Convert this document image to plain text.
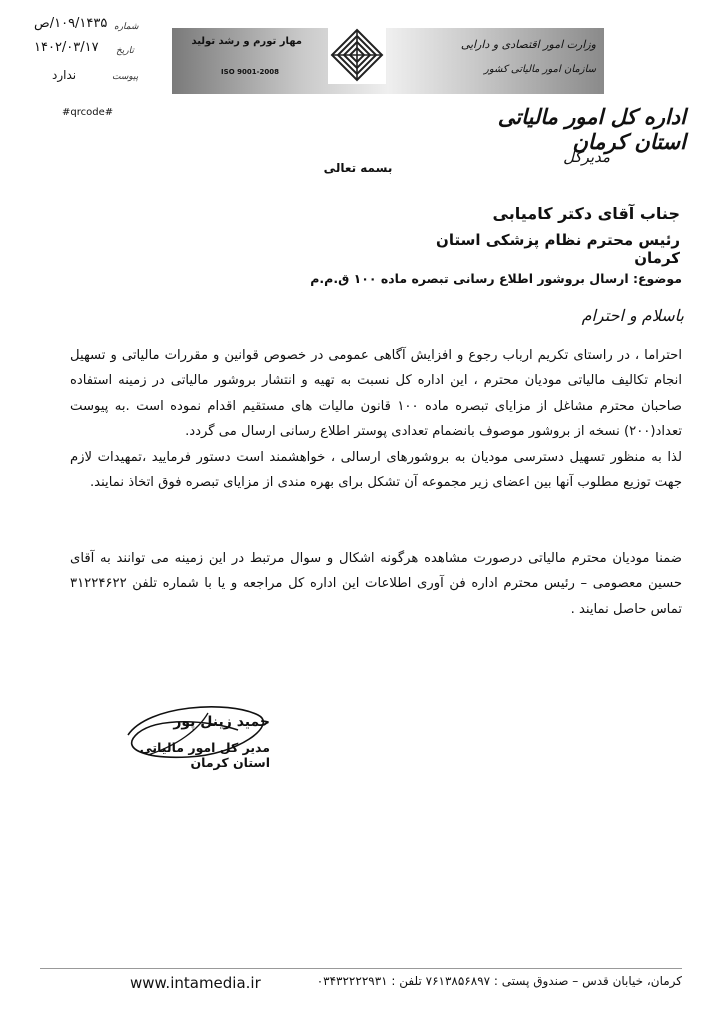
مهار تورم و رشد تولید
ISO 9001-2008
وزارت امور اقتصادی و دارایی
سازمان امور مالیاتی کشور
شماره
۱۰۹/۱۴۳۵/ص
تاریخ
۱۴۰۲/۰۳/۱۷
پیوست
ندارد
#qrcode#	اداره کل امور مالیاتی استان کرمان
مدیرکل
بسمه تعالی
جناب آقای دکتر کامیابی
رئیس محترم نظام پزشکی استان کرمان
موضوع: ارسال بروشور اطلاع رسانی تبصره ماده ۱۰۰ ق.م.م
باسلام و احترام
احتراما ، در راستای تکریم ارباب رجوع و افزایش آگاهی عمومی در خصوص قوانین و مقررات مالیاتی و تسهیل انجام تکالیف مالیاتی مودیان محترم ، این اداره کل نسبت به تهیه و انتشار بروشور مالیاتی در زمینه استفاده صاحبان محترم مشاغل از مزایای تبصره ماده ۱۰۰ قانون مالیات های مستقیم اقدام نموده است .به پیوست تعداد(۲۰۰) نسخه از بروشور موصوف بانضمام تعدادی پوستر اطلاع رسانی ارسال می گردد.
لذا به منظور تسهیل دسترسی مودیان به بروشورهای ارسالی ، خواهشمند است دستور فرمایید ،تمهیدات لازم جهت توزیع مطلوب آنها بین اعضای زیر مجموعه آن تشکل برای بهره مندی از مزایای تبصره فوق اتخاذ نمایند.
ضمنا مودیان محترم مالیاتی درصورت مشاهده هرگونه اشکال و سوال مرتبط در این زمینه می توانند به آقای حسین معصومی – رئیس محترم اداره فن آوری اطلاعات این اداره کل مراجعه و یا با شماره تلفن ۳۱۲۲۴۶۲۲ تماس حاصل نمایند .
حمید زینل پور
مدیر کل امور مالیاتی استان کرمان
www.intamedia.ir	کرمان، خیابان قدس – صندوق پستی : ۷۶۱۳۸۵۶۸۹۷ تلفن : ۰۳۴۳۲۲۲۲۹۳۱
